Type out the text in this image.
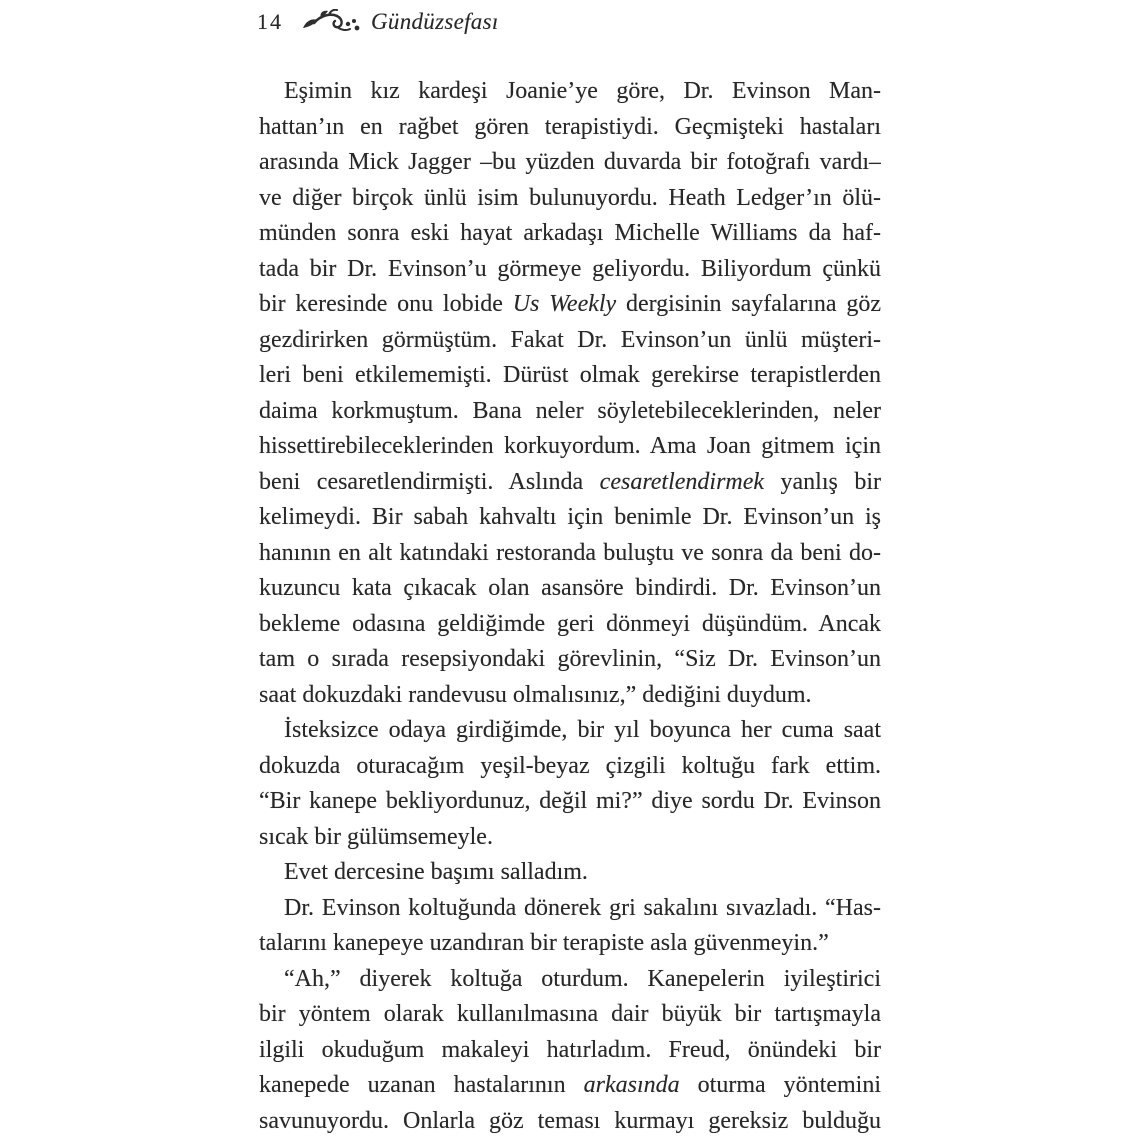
14	Gündüzsefası
Eşimin kız kardeşi Joanie’ye göre, Dr. Evinson Man-
hattan’ın en rağbet gören terapistiydi. Geçmişteki hastaları
arasında Mick Jagger –bu yüzden duvarda bir fotoğrafı vardı–
ve diğer birçok ünlü isim bulunuyordu. Heath Ledger’ın ölü-
münden sonra eski hayat arkadaşı Michelle Williams da haf-
tada bir Dr. Evinson’u görmeye geliyordu. Biliyordum çünkü
bir keresinde onu lobide Us Weekly dergisinin sayfalarına göz
gezdirirken görmüştüm. Fakat Dr. Evinson’un ünlü müşteri-
leri beni etkilememişti. Dürüst olmak gerekirse terapistlerden
daima korkmuştum. Bana neler söyletebileceklerinden, neler
hissettirebileceklerinden korkuyordum. Ama Joan gitmem için
beni cesaretlendirmişti. Aslında cesaretlendirmek yanlış bir
kelimeydi. Bir sabah kahvaltı için benimle Dr. Evinson’un iş
hanının en alt katındaki restoranda buluştu ve sonra da beni do-
kuzuncu kata çıkacak olan asansöre bindirdi. Dr. Evinson’un
bekleme odasına geldiğimde geri dönmeyi düşündüm. Ancak
tam o sırada resepsiyondaki görevlinin, “Siz Dr. Evinson’un
saat dokuzdaki randevusu olmalısınız,” dediğini duydum.
İsteksizce odaya girdiğimde, bir yıl boyunca her cuma saat
dokuzda oturacağım yeşil-beyaz çizgili koltuğu fark ettim.
“Bir kanepe bekliyordunuz, değil mi?” diye sordu Dr. Evinson
sıcak bir gülümsemeyle.
Evet dercesine başımı salladım.
Dr. Evinson koltuğunda dönerek gri sakalını sıvazladı. “Has-
talarını kanepeye uzandıran bir terapiste asla güvenmeyin.”
“Ah,” diyerek koltuğa oturdum. Kanepelerin iyileştirici
bir yöntem olarak kullanılmasına dair büyük bir tartışmayla
ilgili okuduğum makaleyi hatırladım. Freud, önündeki bir
kanepede uzanan hastalarının arkasında oturma yöntemini
savunuyordu. Onlarla göz teması kurmayı gereksiz bulduğu
